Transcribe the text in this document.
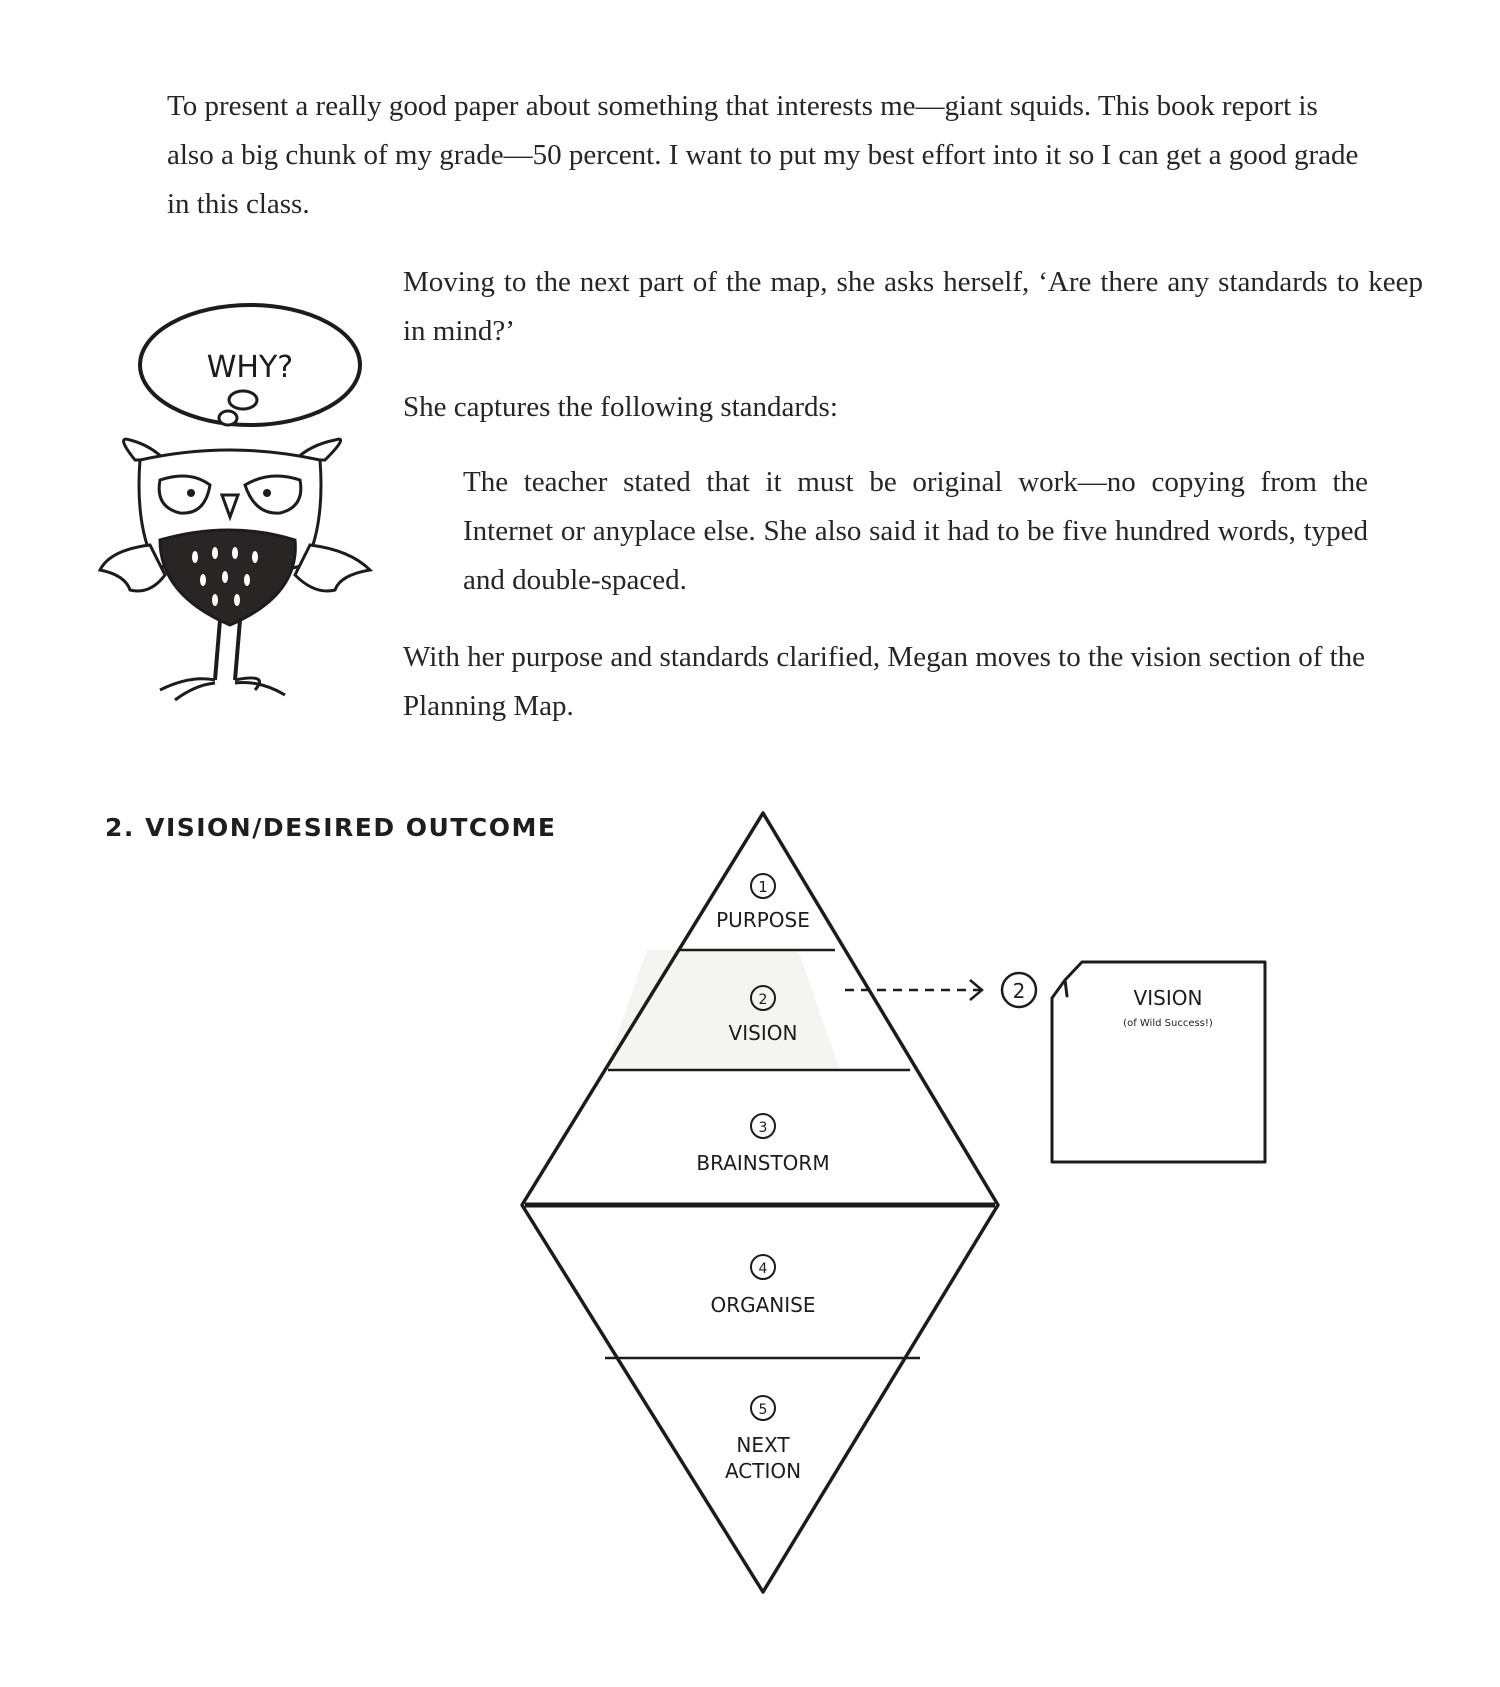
To present a really good paper about something that interests me—giant squids. This book report is also a big chunk of my grade—50 percent. I want to put my best effort into it so I can get a good grade in this class.

Moving to the next part of the map, she asks herself, ‘Are there any standards to keep in mind?’

She captures the following standards:

The teacher stated that it must be original work—no copying from the Internet or anyplace else. She also said it had to be five hundred words, typed and double-spaced.

With her purpose and standards clarified, Megan moves to the vision section of the Planning Map.

WHY?
2. VISION/DESIRED OUTCOME
1
PURPOSE
2
VISION
3
BRAINSTORM
4
ORGANISE
5
NEXT
ACTION
2	VISION
(of Wild Success!)
